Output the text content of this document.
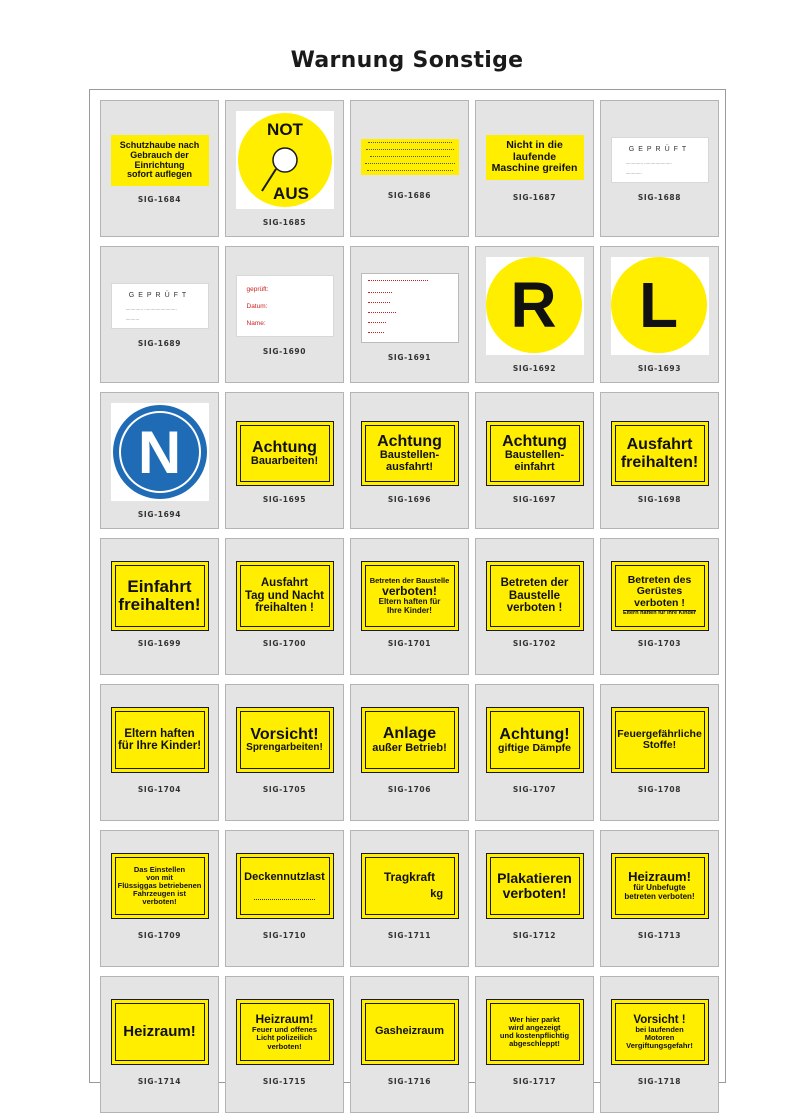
Warnung Sonstige
Schutzhaube nach
Gebrauch der
Einrichtung
sofort auflegen
SIG-1684
NOT
AUS
SIG-1685
SIG-1686
Nicht in die laufende
Maschine greifen
SIG-1687
GEPRÜFT
.............. ......................
.............
SIG-1688
GEPRÜFT
.............. ..........................
...........
SIG-1689
geprüft:
Datum:
Name:
SIG-1690
SIG-1691
R
SIG-1692
L
SIG-1693
N
SIG-1694
Achtung
Bauarbeiten!
SIG-1695
Achtung
Baustellen-
ausfahrt!
SIG-1696
Achtung
Baustellen-
einfahrt
SIG-1697
Ausfahrt
freihalten!
SIG-1698
Einfahrt
freihalten!
SIG-1699
Ausfahrt
Tag und Nacht
freihalten !
SIG-1700
Betreten der Baustelle
verboten!
Eltern haften für
Ihre Kinder!
SIG-1701
Betreten der
Baustelle
verboten !
SIG-1702
Betreten des
Gerüstes
verboten !
Eltern haften für Ihre Kinder
SIG-1703
Eltern haften
für Ihre Kinder!
SIG-1704
Vorsicht!
Sprengarbeiten!
SIG-1705
Anlage
außer Betrieb!
SIG-1706
Achtung!
giftige Dämpfe
SIG-1707
Feuergefährliche
Stoffe!
SIG-1708
Das Einstellen
von mit
Flüssiggas betriebenen
Fahrzeugen ist
verboten!
SIG-1709
Deckennutzlast
SIG-1710
Tragkraft
kg
SIG-1711
Plakatieren
verboten!
SIG-1712
Heizraum!
für Unbefugte
betreten verboten!
SIG-1713
Heizraum!
SIG-1714
Heizraum!
Feuer und offenes
Licht polizeilich
verboten!
SIG-1715
Gasheizraum
SIG-1716
Wer hier parkt
wird angezeigt
und kostenpflichtig
abgeschleppt!
SIG-1717
Vorsicht !
bei laufenden
Motoren
Vergiftungsgefahr!
SIG-1718
